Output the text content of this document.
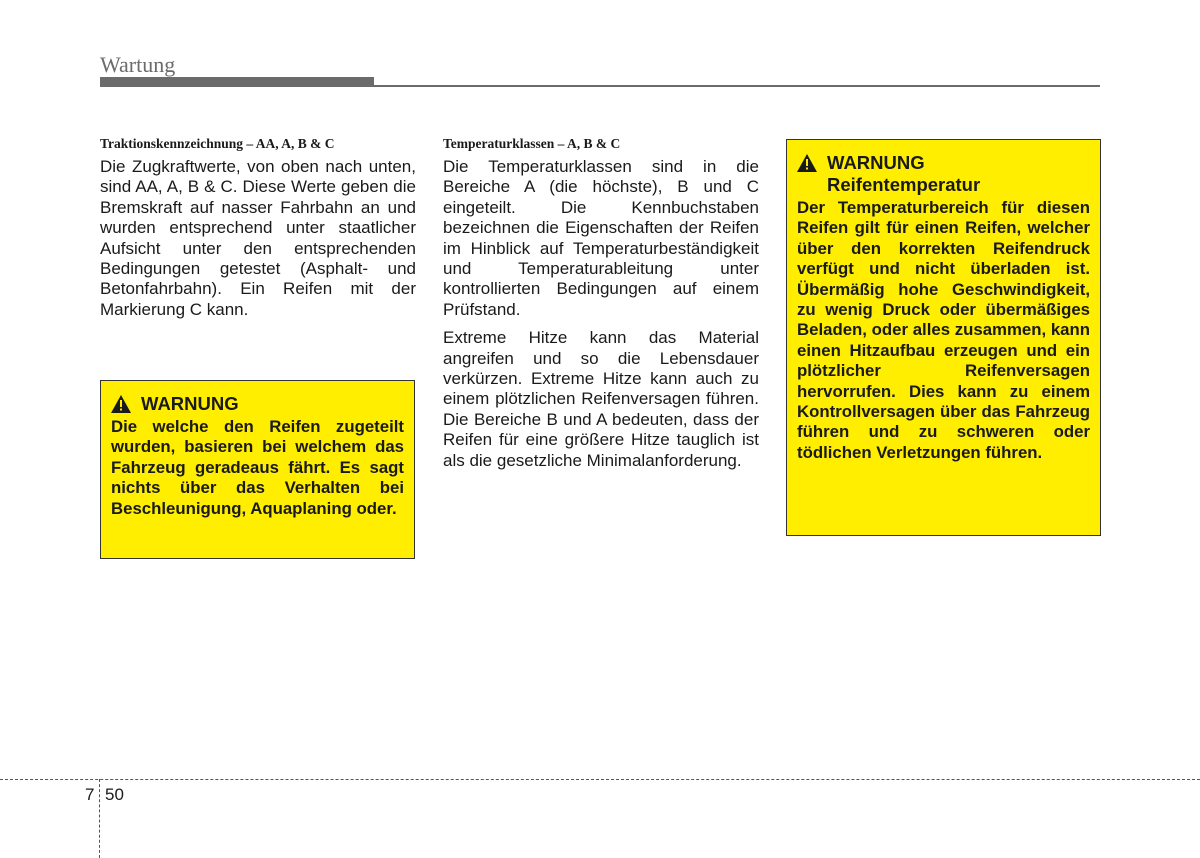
Wartung
Traktionskennzeichnung – AA, A, B & C

Die Zugkraftwerte, von oben nach unten, sind AA, A, B & C. Diese Werte geben die Bremskraft auf nasser Fahrbahn an und wurden entsprechend unter staatlicher Aufsicht unter den entsprechenden Bedingungen getestet (Asphalt- und Betonfahrbahn). Ein Reifen mit der Markierung C kann.

WARNUNG
Die welche den Reifen zugeteilt wurden, basieren bei welchem das Fahrzeug geradeaus fährt. Es sagt nichts über das Verhalten bei Beschleunigung, Aquaplaning oder.
Temperaturklassen – A, B & C

Die Temperaturklassen sind in die Bereiche A (die höchste), B und C eingeteilt. Die Kennbuchstaben bezeichnen die Eigenschaften der Reifen im Hinblick auf Temperaturbeständigkeit und Temperaturableitung unter kontrollierten Bedingungen auf einem Prüfstand.

Extreme Hitze kann das Material angreifen und so die Lebensdauer verkürzen. Extreme Hitze kann auch zu einem plötzlichen Reifenversagen führen. Die Bereiche B und A bedeuten, dass der Reifen für eine größere Hitze tauglich ist als die gesetzliche Minimalanforderung.

WARNUNG
Reifentemperatur
Der Temperaturbereich für diesen Reifen gilt für einen Reifen, welcher über den korrekten Reifendruck verfügt und nicht überladen ist. Übermäßig hohe Geschwindigkeit, zu wenig Druck oder übermäßiges Beladen, oder alles zusammen, kann einen Hitzaufbau erzeugen und ein plötzlicher Reifenversagen hervorrufen. Dies kann zu einem Kontrollversagen über das Fahrzeug führen und zu schweren oder tödlichen Verletzungen führen.
7 50
